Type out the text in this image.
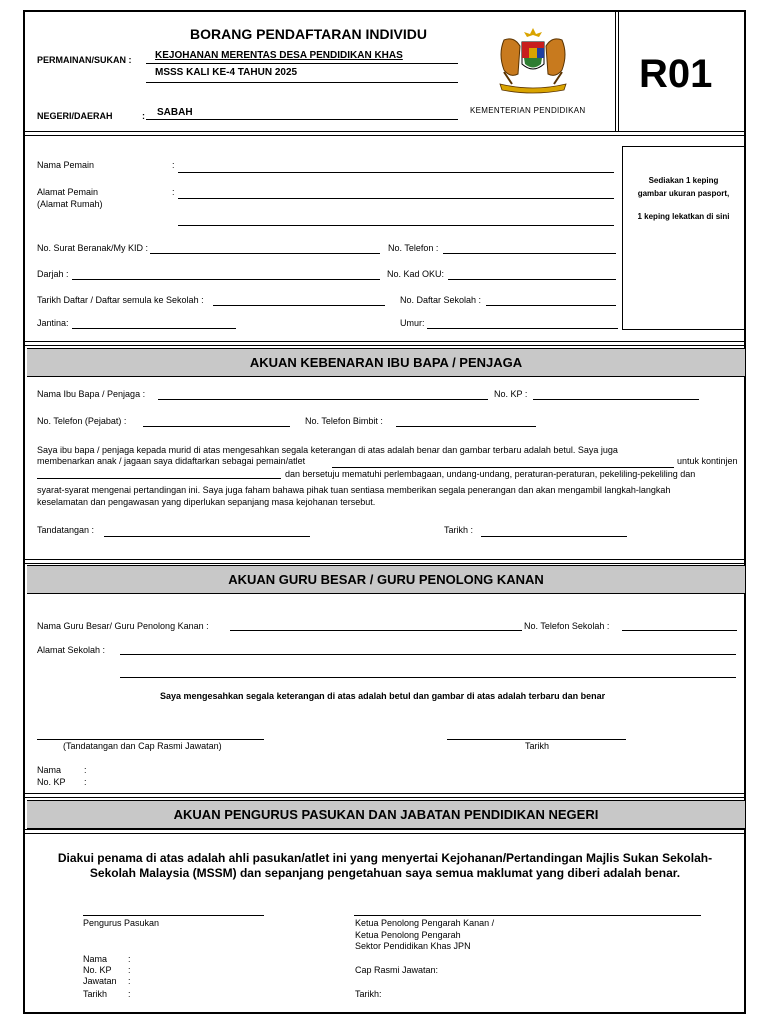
BORANG PENDAFTARAN INDIVIDU
PERMAINAN/SUKAN : KEJOHANAN MERENTAS DESA PENDIDIKAN KHAS
MSSS KALI KE-4 TAHUN 2025
NEGERI/DAERAH	: SABAH	KEMENTERIAN PENDIDIKAN
R01
Nama Pemain	:
Alamat Pemain
(Alamat Rumah)
:
No. Surat Beranak/My KID :	No. Telefon :
Darjah :	No. Kad OKU:
Tarikh Daftar / Daftar semula ke Sekolah :	No. Daftar Sekolah :
Jantina:	Umur:
Sediakan 1 keping
gambar ukuran pasport,
1 keping lekatkan di sini
AKUAN KEBENARAN IBU BAPA / PENJAGA
Nama Ibu Bapa / Penjaga :	No. KP :
No. Telefon (Pejabat) :	No. Telefon Bimbit :
Saya ibu bapa / penjaga kepada murid di atas mengesahkan segala keterangan di atas adalah benar dan gambar terbaru adalah betul. Saya juga
membenarkan anak / jagaan saya didaftarkan sebagai pemain/atlet	untuk kontinjen
dan bersetuju mematuhi perlembagaan, undang-undang, peraturan-peraturan, pekeliling-pekeliling dan
syarat-syarat mengenai pertandingan ini. Saya juga faham bahawa pihak tuan sentiasa memberikan segala penerangan dan akan mengambil langkah-langkah
keselamatan dan pengawasan yang diperlukan sepanjang masa kejohanan tersebut.
Tandatangan :	Tarikh :
AKUAN GURU BESAR / GURU PENOLONG KANAN
Nama Guru Besar/ Guru Penolong Kanan :	No. Telefon Sekolah :
Alamat Sekolah :
Saya mengesahkan segala keterangan di atas adalah betul dan gambar di atas adalah terbaru dan benar
(Tandatangan dan Cap Rasmi Jawatan)	Tarikh
Nama	:
No. KP :
AKUAN PENGURUS PASUKAN DAN JABATAN PENDIDIKAN NEGERI
Diakui penama di atas adalah ahli pasukan/atlet ini yang menyertai Kejohanan/Pertandingan Majlis Sukan Sekolah-
Sekolah Malaysia (MSSM) dan sepanjang pengetahuan saya semua maklumat yang diberi adalah benar.
Pengurus Pasukan	Ketua Penolong Pengarah Kanan /
Ketua Penolong Pengarah
Sektor Pendidikan Khas JPN
Nama :
No. KP :
Jawatan :
Tarikh :
Cap Rasmi Jawatan:
Tarikh:
